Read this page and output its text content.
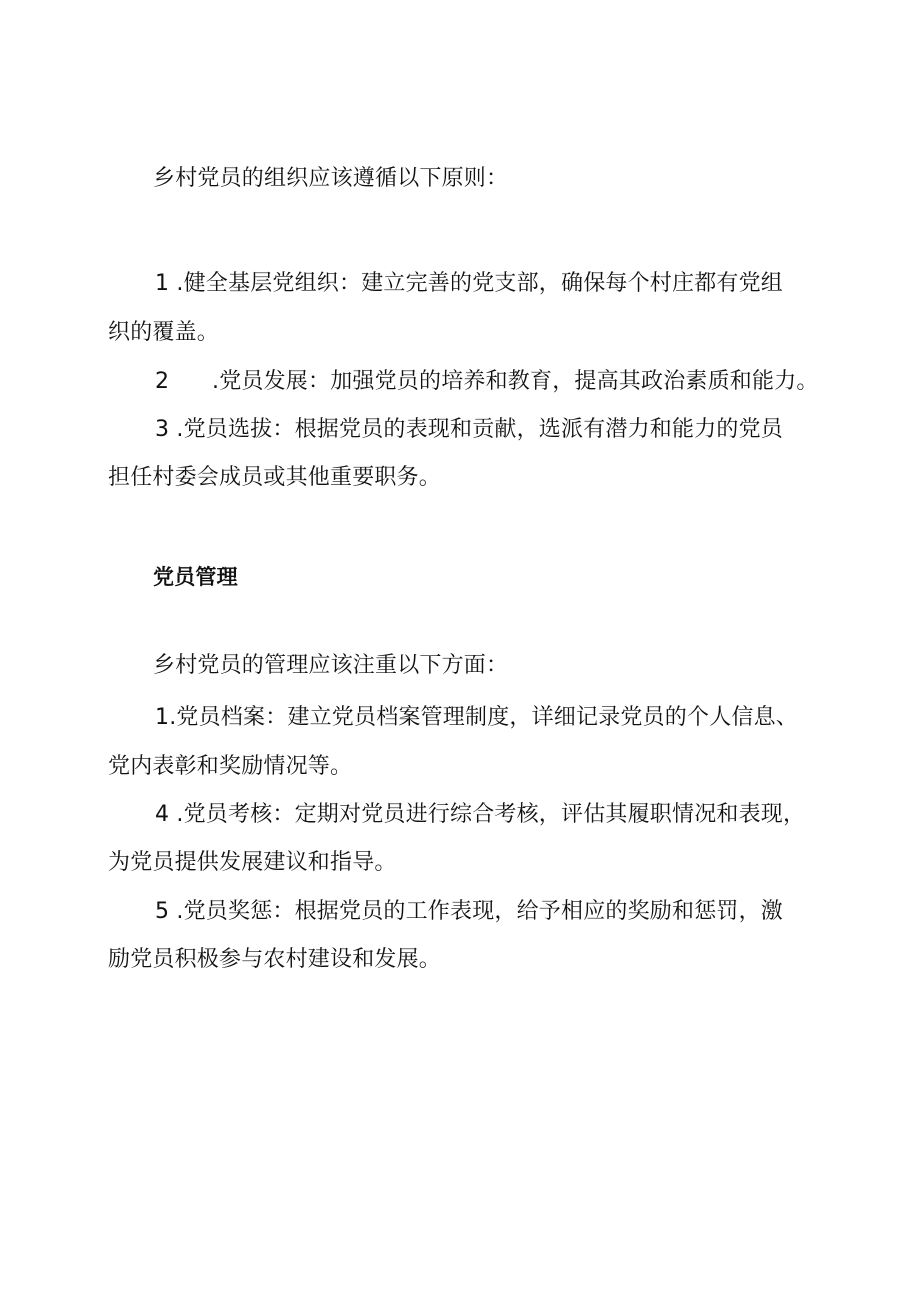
乡村党员的组织应该遵循以下原则：
1 .健全基层党组织：建立完善的党支部，确保每个村庄都有党组
织的覆盖。
2 .党员发展：加强党员的培养和教育，提高其政治素质和能力。
3 .党员选拔：根据党员的表现和贡献，选派有潜力和能力的党员
担任村委会成员或其他重要职务。
党员管理
乡村党员的管理应该注重以下方面：
1.党员档案：建立党员档案管理制度，详细记录党员的个人信息、
党内表彰和奖励情况等。
4 .党员考核：定期对党员进行综合考核，评估其履职情况和表现，
为党员提供发展建议和指导。
5 .党员奖惩：根据党员的工作表现，给予相应的奖励和惩罚，激
励党员积极参与农村建设和发展。
